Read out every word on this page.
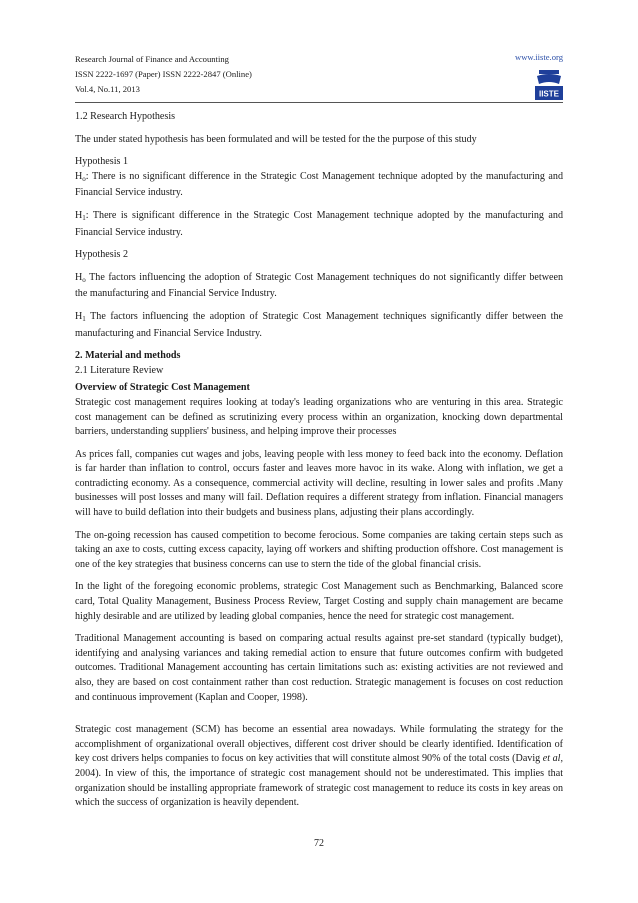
Research Journal of Finance and Accounting
ISSN 2222-1697 (Paper) ISSN 2222-2847 (Online)
Vol.4, No.11, 2013
www.iiste.org
IISTE

1.2 Research Hypothesis

The under stated hypothesis has been formulated and will be tested for the the purpose of this study

Hypothesis 1

$H_o$: There is no significant difference in the Strategic Cost Management technique adopted by the manufacturing and Financial Service industry.

$H_1$: There is significant difference in the Strategic Cost Management technique adopted by the manufacturing and Financial Service industry.

Hypothesis 2

$H_o$ The factors influencing the adoption of Strategic Cost Management techniques do not significantly differ between the manufacturing and Financial Service Industry.

$H_1$ The factors influencing the adoption of Strategic Cost Management techniques significantly differ between the manufacturing and Financial Service Industry.

2. Material and methods

2.1 Literature Review

Overview of Strategic Cost Management

Strategic cost management requires looking at today's leading organizations who are venturing in this area. Strategic cost management can be defined as scrutinizing every process within an organization, knocking down departmental barriers, understanding suppliers' business, and helping improve their processes

As prices fall, companies cut wages and jobs, leaving people with less money to feed back into the economy. Deflation is far harder than inflation to control, occurs faster and leaves more havoc in its wake. Along with inflation, we get a contradicting economy. As a consequence, commercial activity will decline, resulting in lower sales and profits .Many businesses will post losses and many will fail. Deflation requires a different strategy from inflation. Financial managers will have to build deflation into their budgets and business plans, adjusting their plans accordingly.

The on-going recession has caused competition to become ferocious. Some companies are taking certain steps such as taking an axe to costs, cutting excess capacity, laying off workers and shifting production offshore. Cost management is one of the key strategies that business concerns can use to stern the tide of the global financial crisis.

In the light of the foregoing economic problems, strategic Cost Management such as Benchmarking, Balanced score card, Total Quality Management, Business Process Review, Target Costing and supply chain management are became highly desirable and are utilized by leading global companies, hence the need for strategic cost management.

Traditional Management accounting is based on comparing actual results against pre-set standard (typically budget), identifying and analysing variances and taking remedial action to ensure that future outcomes confirm with budgeted outcomes. Traditional Management accounting has certain limitations such as: existing activities are not reviewed and also, they are based on cost containment rather than cost reduction. Strategic management is focuses on cost reduction and continuous improvement (Kaplan and Cooper, 1998).

Strategic cost management (SCM) has become an essential area nowadays. While formulating the strategy for the accomplishment of organizational overall objectives, different cost driver should be clearly identified. Identification of key cost drivers helps companies to focus on key activities that will constitute almost 90% of the total costs (Davig et al, 2004). In view of this, the importance of strategic cost management should not be underestimated. This implies that organization should be installing appropriate framework of strategic cost management to reduce its costs in key areas on which the success of organization is heavily dependent.

72
